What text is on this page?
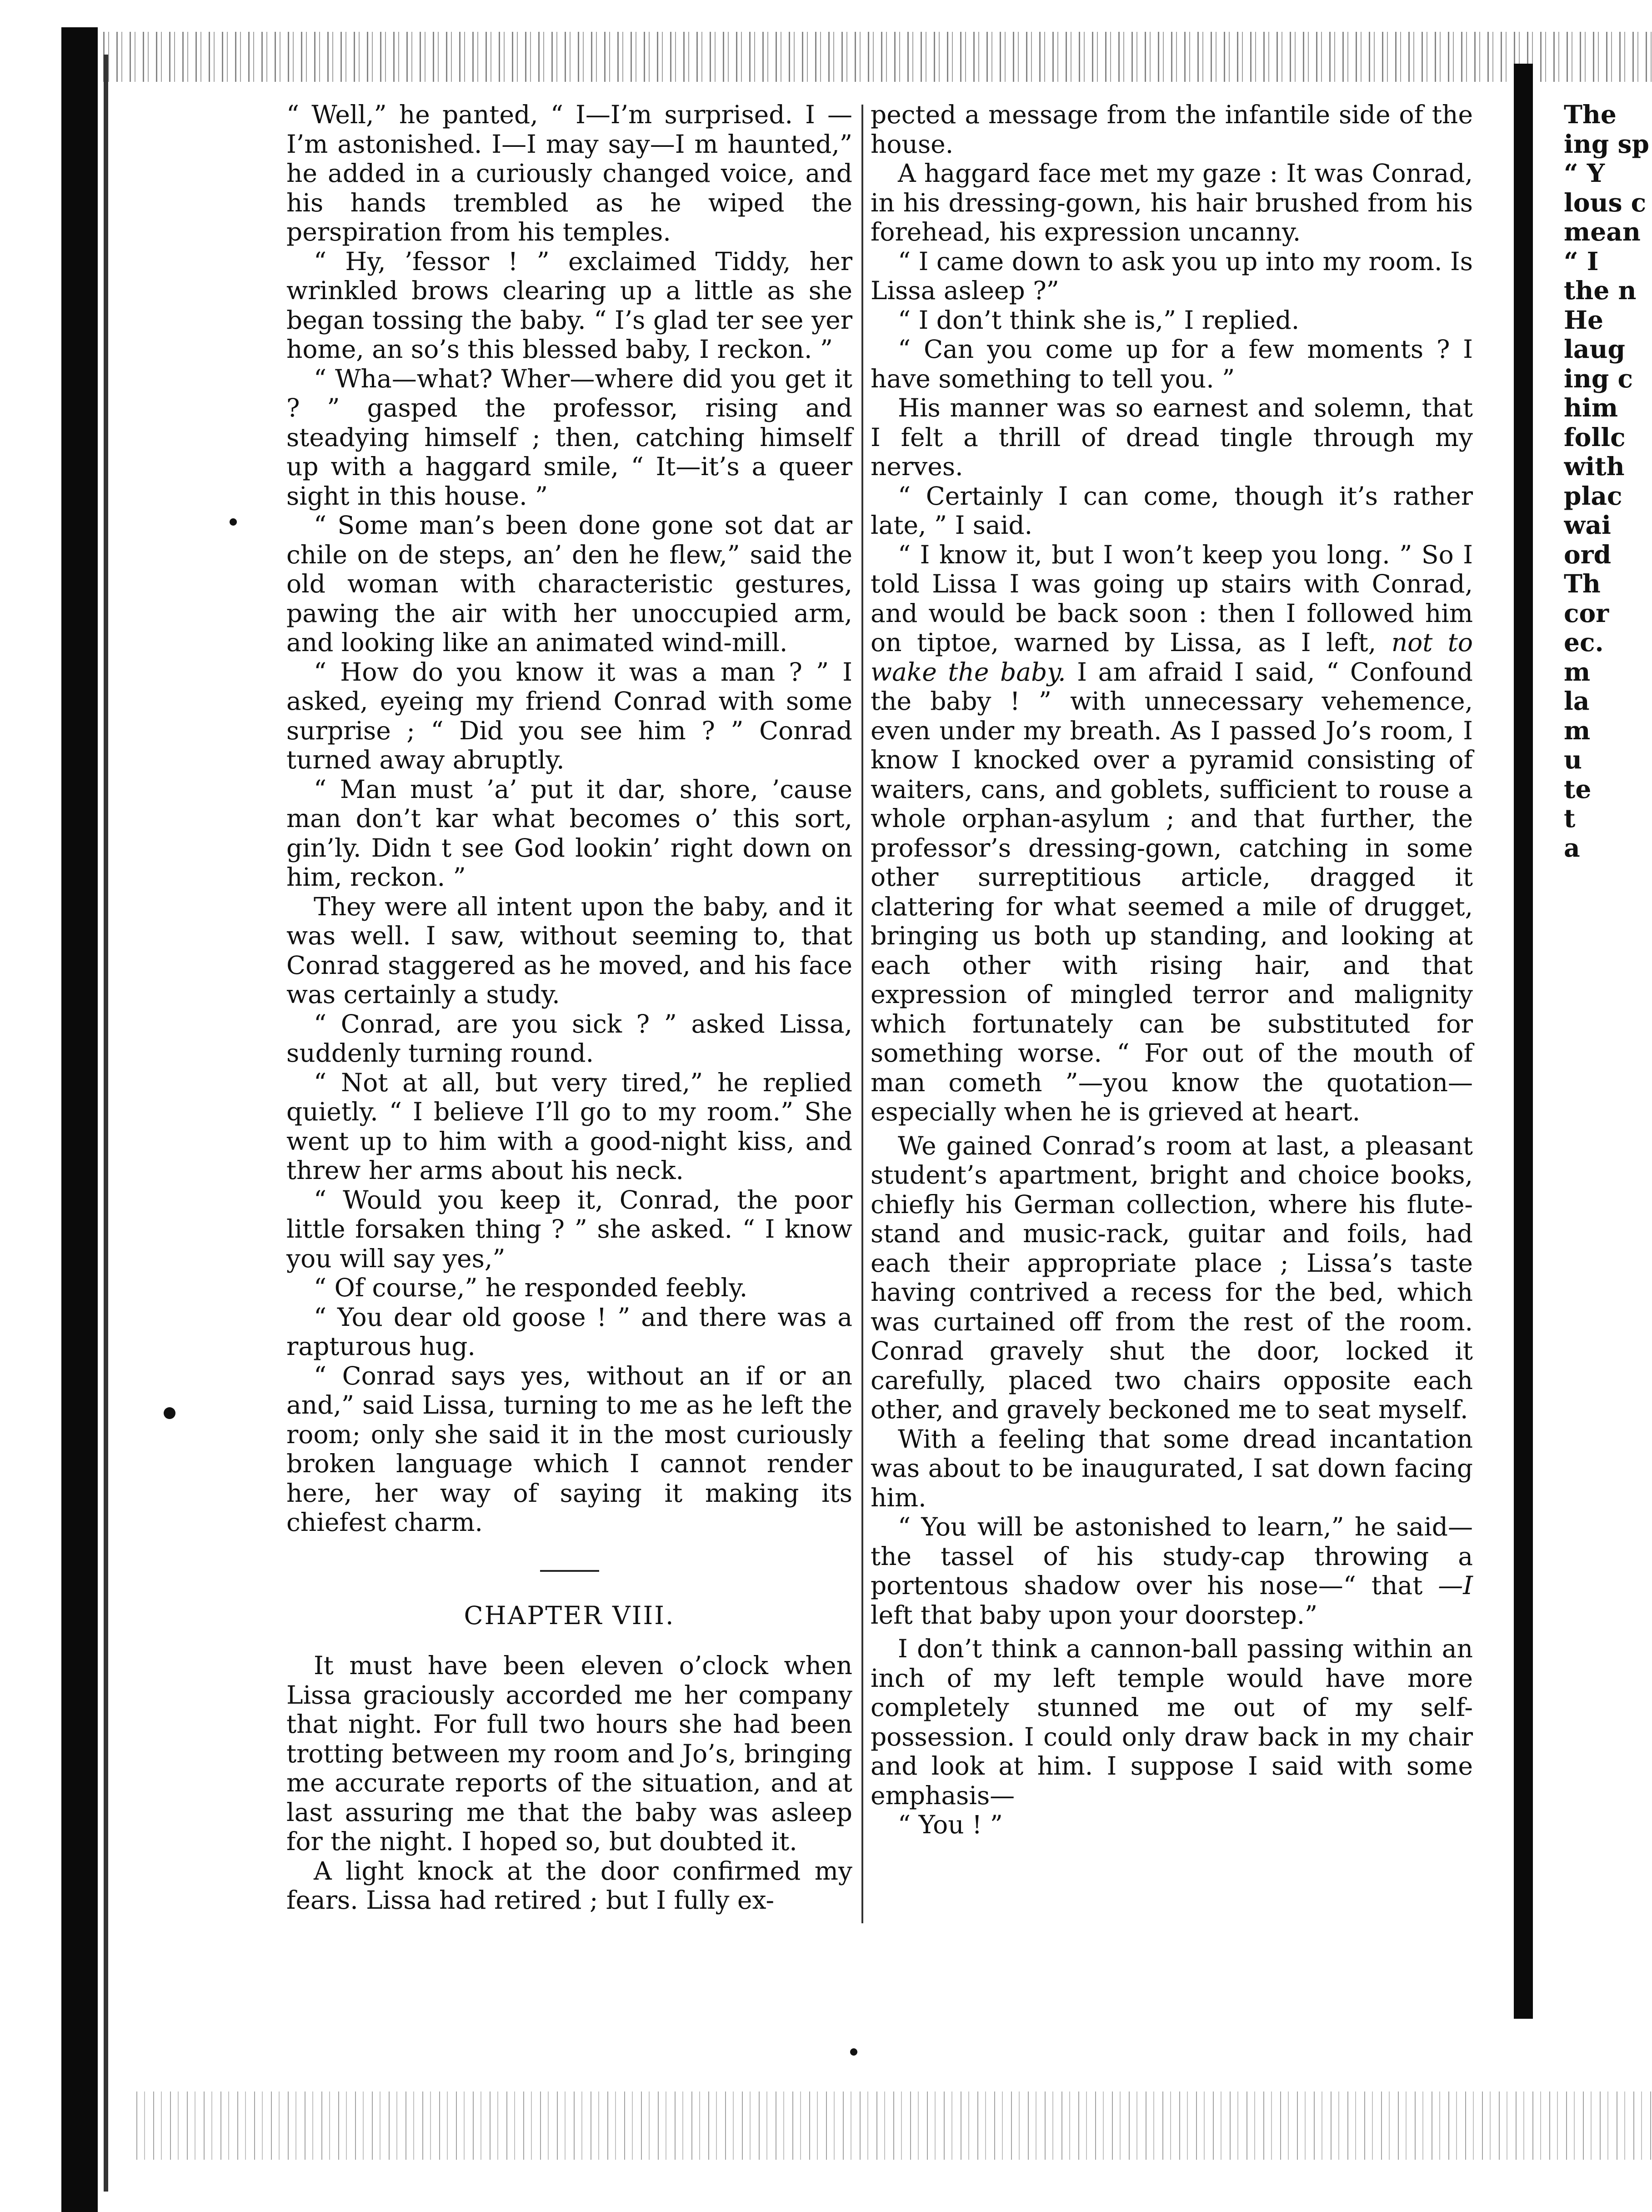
“ Well,” he panted, “ I—I’m surprised. I —I’m astonished. I—I may say—I m haunted,” he added in a curiously changed voice, and his hands trembled as he wiped the perspiration from his temples.

“ Hy, ’fessor ! ” exclaimed Tiddy, her wrinkled brows clearing up a little as she began tossing the baby. “ I’s glad ter see yer home, an so’s this blessed baby, I reckon. ”

“ Wha—what? Wher—where did you get it ? ” gasped the professor, rising and steadying himself ; then, catching himself up with a haggard smile, “ It—it’s a queer sight in this house. ”

“ Some man’s been done gone sot dat ar chile on de steps, an’ den he flew,” said the old woman with characteristic gestures, pawing the air with her unoccupied arm, and looking like an animated wind-mill.

“ How do you know it was a man ? ” I asked, eyeing my friend Conrad with some surprise ; “ Did you see him ? ” Conrad turned away abruptly.

“ Man must ’a’ put it dar, shore, ’cause man don’t kar what becomes o’ this sort, gin’ly. Didn t see God lookin’ right down on him, reckon. ”

They were all intent upon the baby, and it was well. I saw, without seeming to, that Conrad staggered as he moved, and his face was certainly a study.

“ Conrad, are you sick ? ” asked Lissa, suddenly turning round.

“ Not at all, but very tired,” he replied quietly. “ I believe I’ll go to my room.” She went up to him with a good-night kiss, and threw her arms about his neck.

“ Would you keep it, Conrad, the poor little forsaken thing ? ” she asked. “ I know you will say yes,”

“ Of course,” he responded feebly.

“ You dear old goose ! ” and there was a rapturous hug.

“ Conrad says yes, without an if or an and,” said Lissa, turning to me as he left the room; only she said it in the most curiously broken language which I cannot render here, her way of saying it making its chiefest charm.

CHAPTER VIII.

It must have been eleven o’clock when Lissa graciously accorded me her company that night. For full two hours she had been trotting between my room and Jo’s, bringing me accurate reports of the situation, and at last assuring me that the baby was asleep for the night. I hoped so, but doubted it.

A light knock at the door confirmed my fears. Lissa had retired ; but I fully ex-

pected a message from the infantile side of the house.

A haggard face met my gaze : It was Conrad, in his dressing-gown, his hair brushed from his forehead, his expression uncanny.

“ I came down to ask you up into my room. Is Lissa asleep ?”

“ I don’t think she is,” I replied.

“ Can you come up for a few moments ? I have something to tell you. ”

His manner was so earnest and solemn, that I felt a thrill of dread tingle through my nerves.

“ Certainly I can come, though it’s rather late, ” I said.

“ I know it, but I won’t keep you long. ” So I told Lissa I was going up stairs with Conrad, and would be back soon : then I followed him on tiptoe, warned by Lissa, as I left, not to wake the baby. I am afraid I said, “ Confound the baby ! ” with unnecessary vehemence, even under my breath. As I passed Jo’s room, I know I knocked over a pyramid consisting of waiters, cans, and goblets, sufficient to rouse a whole orphan-asylum ; and that further, the professor’s dressing-gown, catching in some other surreptitious article, dragged it clattering for what seemed a mile of drugget, bringing us both up standing, and looking at each other with rising hair, and that expression of mingled terror and malignity which fortunately can be substituted for something worse. “ For out of the mouth of man cometh ”—you know the quotation—especially when he is grieved at heart.

We gained Conrad’s room at last, a pleasant student’s apartment, bright and choice books, chiefly his German collection, where his flute-stand and music-rack, guitar and foils, had each their appropriate place ; Lissa’s taste having contrived a recess for the bed, which was curtained off from the rest of the room. Conrad gravely shut the door, locked it carefully, placed two chairs opposite each other, and gravely beckoned me to seat myself.

With a feeling that some dread incantation was about to be inaugurated, I sat down facing him.

“ You will be astonished to learn,” he said—the tassel of his study-cap throwing a portentous shadow over his nose—“ that —I left that baby upon your doorstep.”

I don’t think a cannon-ball passing within an inch of my left temple would have more completely stunned me out of my self-possession. I could only draw back in my chair and look at him. I suppose I said with some emphasis—

“ You ! ”

The
ing sp
“ Y
lous c
mean
“ I
the n
He
laug
ing c
him
follc
with
plac
wai
ord
Th
cor
ec.
m
la
m
u
te
t
a
